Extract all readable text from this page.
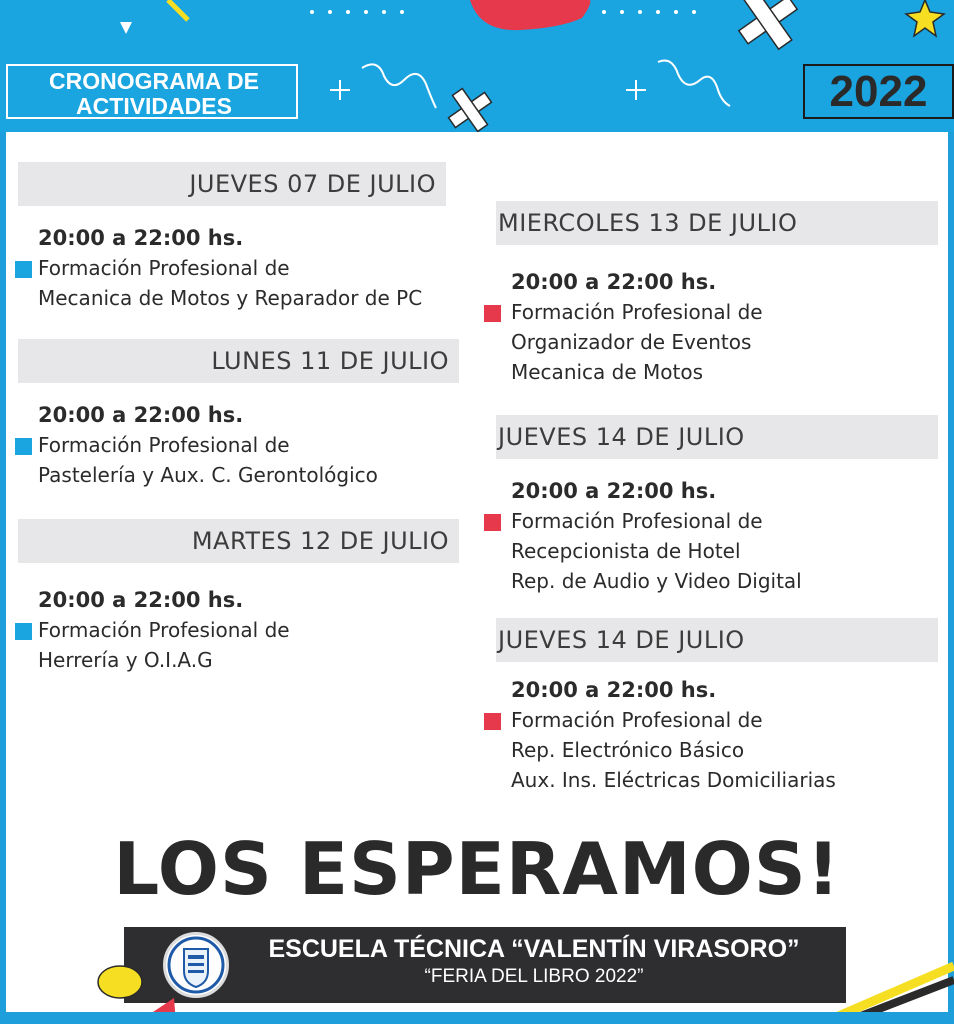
CRONOGRAMA DE
ACTIVIDADES	2022
JUEVES 07 DE JULIO
20:00 a 22:00 hs.
Formación Profesional de
Mecanica de Motos y Reparador de PC
LUNES 11 DE JULIO
20:00 a 22:00 hs.
Formación Profesional de
Pastelería y Aux. C. Gerontológico
MARTES 12 DE JULIO
20:00 a 22:00 hs.
Formación Profesional de
Herrería y O.I.A.G
MIERCOLES 13 DE JULIO
20:00 a 22:00 hs.
Formación Profesional de
Organizador de Eventos
Mecanica de Motos
JUEVES 14 DE JULIO
20:00 a 22:00 hs.
Formación Profesional de
Recepcionista de Hotel
Rep. de Audio y Video Digital
JUEVES 14 DE JULIO
20:00 a 22:00 hs.
Formación Profesional de
Rep. Electrónico Básico
Aux. Ins. Eléctricas Domiciliarias
LOS ESPERAMOS!
ESCUELA TÉCNICA “VALENTÍN VIRASORO”
“FERIA DEL LIBRO 2022”
